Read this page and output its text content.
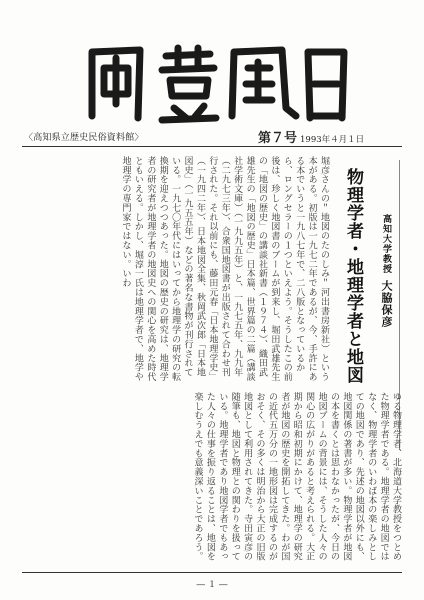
〈高知県立歴史民俗資料館〉	第７号 1993年４月１日
物理学者・地理学者と地図	高知大学教授大脇保彦
堀彦さんの＂地図のたのしみ＂河出書房新社）という本がある。初版は一九七二年であるが、今、手許にある本でいうと一九八七年で、二八版となっているから、ロングセラーの１つといえよう。そうしたこの前後は、珍しく地図書のブームが到来し、堀田武雄先生の「地図の歴史」の講談社新書（１９７４）、織田武雄先生の「地図の歴史」日本篇、世界篇の二篇（講談社学術文庫）（一九九五年）と、一九七五年、九九年（二九七三年）、合衆国地図書が出版されて合わせ刊行された。それ以前にも、藤田元春「日本地理学史」（一九四二年）、日本地図全集、秋岡武次郎「日本地図史」（一九五五年）などの著名な書物が刊行されている。一九七〇年代にはいってから地理学の研究の転換期を迎えつつあった。地図の歴史の研究は、地理学者の研究者が地理学者の地図史への関心を高めた時代ともいえる。しかし、堀淳一氏は地理学者で、地学や地理学の専門家ではない。いわ
ゆる物理学者、北海道大学教授をつとめた物理学者である。地理学者の地図ではなく、物理学者のいわば本の楽しみとしての地図であり、先述の地図以外にも、地図関係の著書が多い。物理学者が地図の本を書くとは思わなかったが、今日の地図ブームの背景には、そうした人々の関心の広がりがあると考えられる。大正期から昭和初期にかけて、地理学の研究者が地図の歴史を開拓してきた。わが国の近代五万分の一地形図は完成するのがおそく、その多くは明治から大正の旧版地図として利用されてきた。寺田寅彦の随筆も、地図と物理との関わりを扱っている。地理学者であり地図学者でもあった人々の仕事を振り返ることは、地図を楽しむうえでも意義深いことであろう。
― １ ―
